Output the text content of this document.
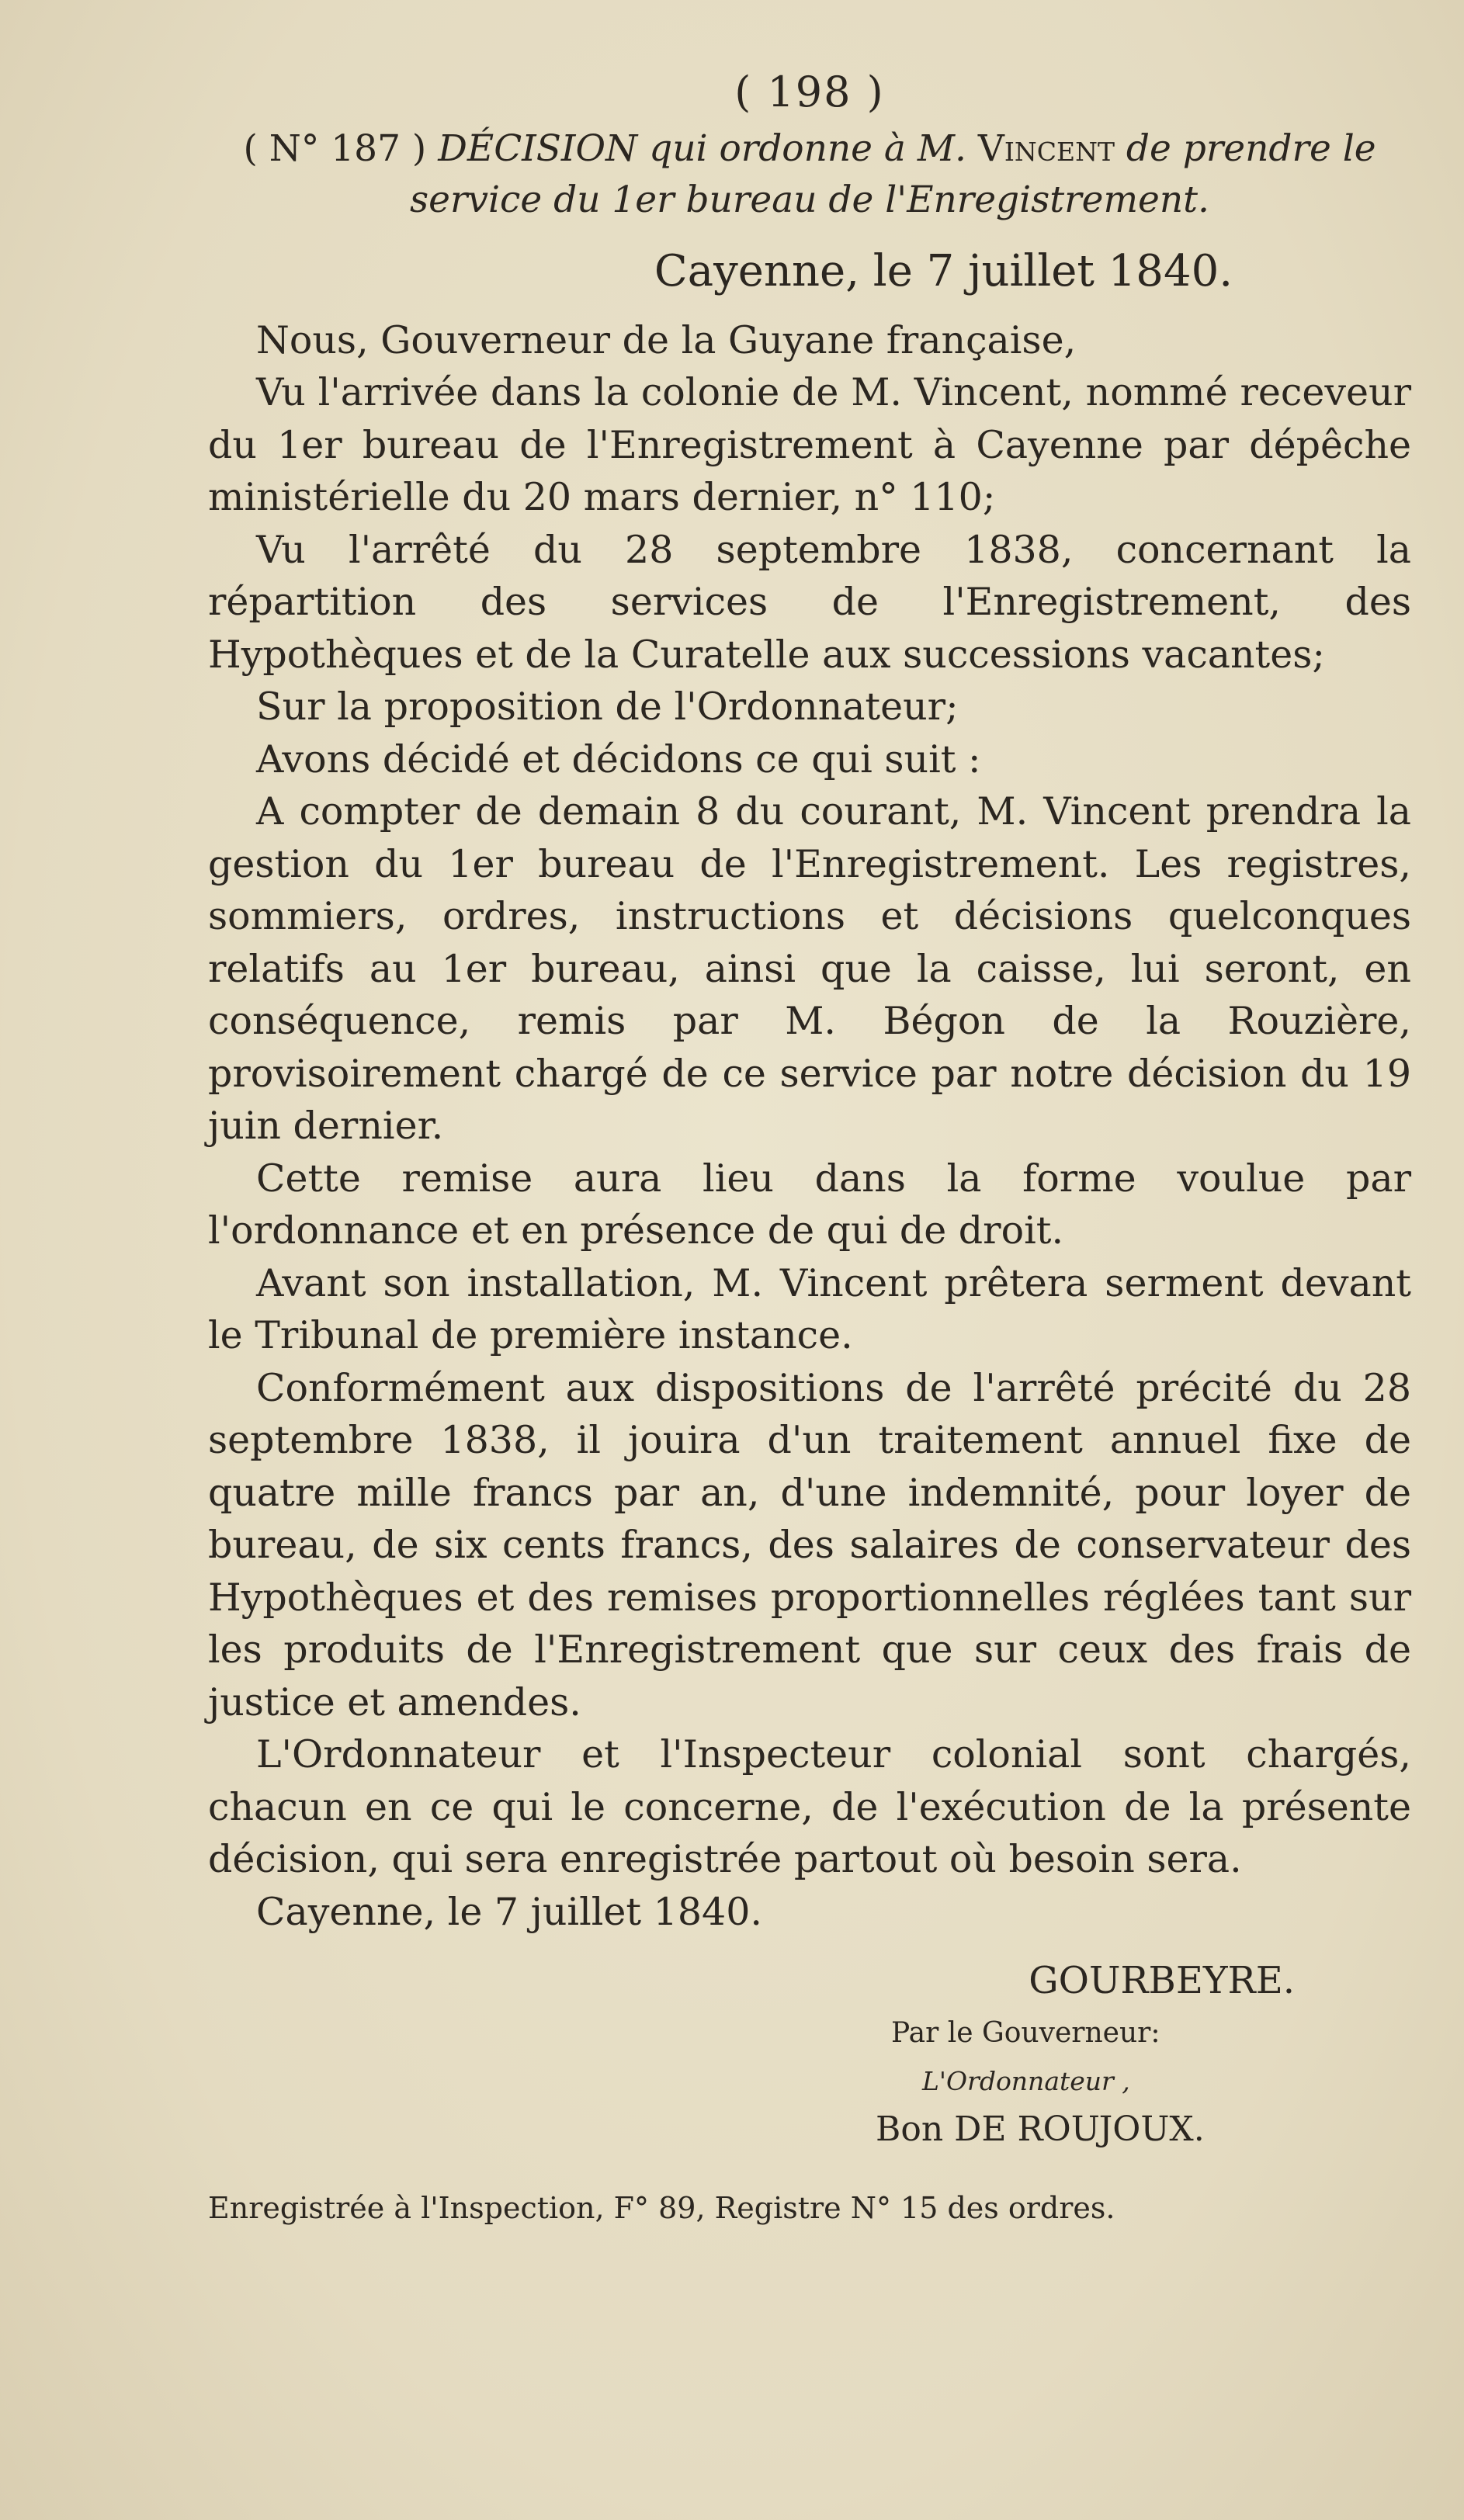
( 198 )
( N° 187 ) DÉCISION qui ordonne à M. Vincent de prendre le service du 1er bureau de l'Enregistrement.
Cayenne, le 7 juillet 1840.

Nous, Gouverneur de la Guyane française,

Vu l'arrivée dans la colonie de M. Vincent, nommé receveur du 1er bureau de l'Enregistrement à Cayenne par dépêche ministérielle du 20 mars dernier, n° 110;

Vu l'arrêté du 28 septembre 1838, concernant la répartition des services de l'Enregistrement, des Hypothèques et de la Curatelle aux successions vacantes;

Sur la proposition de l'Ordonnateur;

Avons décidé et décidons ce qui suit :

A compter de demain 8 du courant, M. Vincent prendra la gestion du 1er bureau de l'Enregistrement. Les registres, sommiers, ordres, instructions et décisions quelconques relatifs au 1er bureau, ainsi que la caisse, lui seront, en conséquence, remis par M. Bégon de la Rouzière, provisoirement chargé de ce service par notre décision du 19 juin dernier.

Cette remise aura lieu dans la forme voulue par l'ordonnance et en présence de qui de droit.

Avant son installation, M. Vincent prêtera serment devant le Tribunal de première instance.

Conformément aux dispositions de l'arrêté précité du 28 septembre 1838, il jouira d'un traitement annuel fixe de quatre mille francs par an, d'une indemnité, pour loyer de bureau, de six cents francs, des salaires de conservateur des Hypothèques et des remises proportionnelles réglées tant sur les produits de l'Enregistrement que sur ceux des frais de justice et amendes.

L'Ordonnateur et l'Inspecteur colonial sont chargés, chacun en ce qui le concerne, de l'exécution de la présente décision, qui sera enregistrée partout où besoin sera.

Cayenne, le 7 juillet 1840.

GOURBEYRE.
Par le Gouverneur:
L'Ordonnateur ,
Bon DE ROUJOUX.
Enregistrée à l'Inspection, F° 89, Registre N° 15 des ordres.
